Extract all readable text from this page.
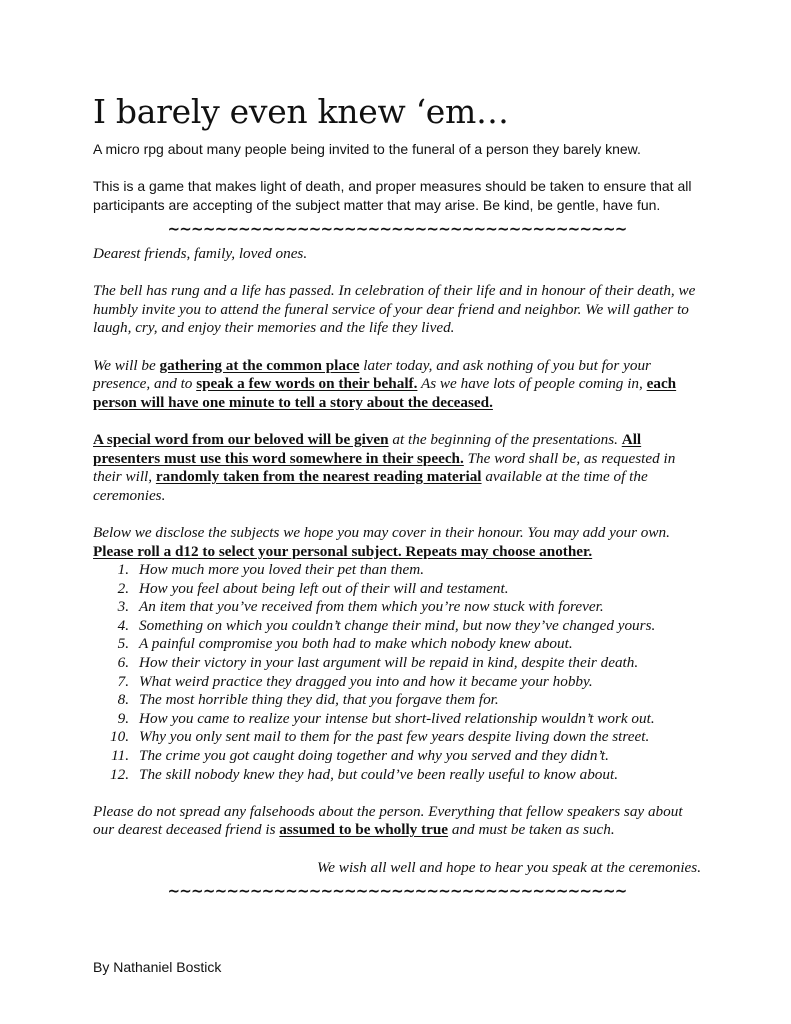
I barely even knew ‘em…
A micro rpg about many people being invited to the funeral of a person they barely knew.
This is a game that makes light of death, and proper measures should be taken to ensure that all participants are accepting of the subject matter that may arise. Be kind, be gentle, have fun.
~~~~~~~~~~~~~~~~~~~~~~~~~~~~~~~~~~~~~~~

Dearest friends, family, loved ones.

The bell has rung and a life has passed. In celebration of their life and in honour of their death, we humbly invite you to attend the funeral service of your dear friend and neighbor. We will gather to laugh, cry, and enjoy their memories and the life they lived.

We will be gathering at the common place later today, and ask nothing of you but for your presence, and to speak a few words on their behalf. As we have lots of people coming in, each person will have one minute to tell a story about the deceased.

A special word from our beloved will be given at the beginning of the presentations. All presenters must use this word somewhere in their speech. The word shall be, as requested in their will, randomly taken from the nearest reading material available at the time of the ceremonies.

Below we disclose the subjects we hope you may cover in their honour. You may add your own.

Please roll a d12 to select your personal subject. Repeats may choose another.

1. How much more you loved their pet than them.
2. How you feel about being left out of their will and testament.
3. An item that you’ve received from them which you’re now stuck with forever.
4. Something on which you couldn’t change their mind, but now they’ve changed yours.
5. A painful compromise you both had to make which nobody knew about.
6. How their victory in your last argument will be repaid in kind, despite their death.
7. What weird practice they dragged you into and how it became your hobby.
8. The most horrible thing they did, that you forgave them for.
9. How you came to realize your intense but short-lived relationship wouldn’t work out.
10. Why you only sent mail to them for the past few years despite living down the street.
11. The crime you got caught doing together and why you served and they didn’t.
12. The skill nobody knew they had, but could’ve been really useful to know about.

Please do not spread any falsehoods about the person. Everything that fellow speakers say about our dearest deceased friend is assumed to be wholly true and must be taken as such.

We wish all well and hope to hear you speak at the ceremonies.

~~~~~~~~~~~~~~~~~~~~~~~~~~~~~~~~~~~~~~~
By Nathaniel Bostick
